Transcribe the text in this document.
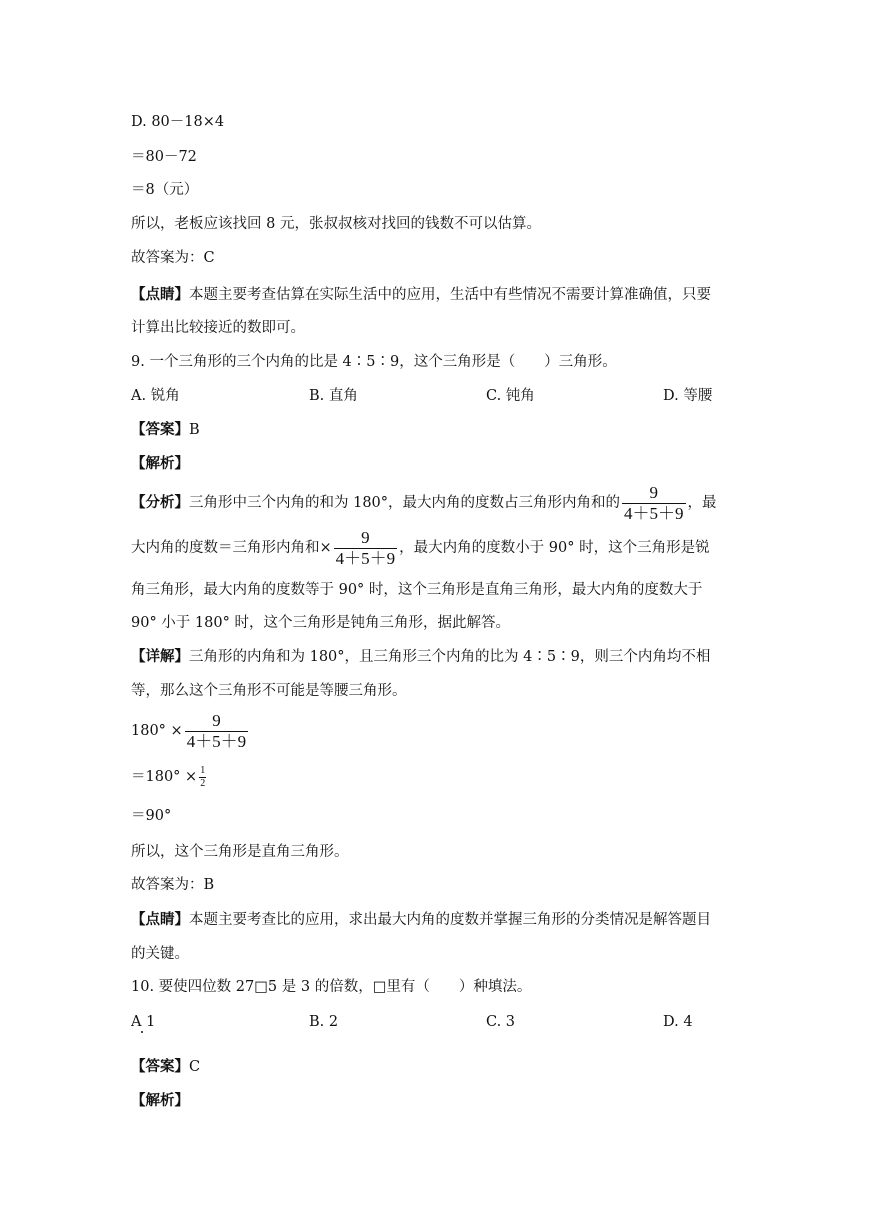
D. 80－18×4
＝80－72
＝8（元）
所以，老板应该找回 8 元，张叔叔核对找回的钱数不可以估算。
故答案为：C
【点睛】本题主要考查估算在实际生活中的应用，生活中有些情况不需要计算准确值，只要
计算出比较接近的数即可。
9. 一个三角形的三个内角的比是 4∶5∶9，这个三角形是（　　）三角形。
A. 锐角	B. 直角	C. 钝角	D. 等腰
【答案】B
【解析】
【分析】三角形中三个内角的和为 180°，最大内角的度数占三角形内角和的 $\frac{9}{4+5+9}$ ，最
大内角的度数＝三角形内角和× $\frac{9}{4+5+9}$ ，最大内角的度数小于 90° 时，这个三角形是锐
角三角形，最大内角的度数等于 90° 时，这个三角形是直角三角形，最大内角的度数大于
90° 小于 180° 时，这个三角形是钝角三角形，据此解答。
【详解】三角形的内角和为 180°，且三角形三个内角的比为 4∶5∶9，则三个内角均不相
等，那么这个三角形不可能是等腰三角形。
$180^\circ \times \frac{9}{4+5+9}$
$=180^\circ \times \frac{1}{2}$
＝90°
所以，这个三角形是直角三角形。
故答案为：B
【点睛】本题主要考查比的应用，求出最大内角的度数并掌握三角形的分类情况是解答题目
的关键。
10. 要使四位数 27□5 是 3 的倍数，□里有（　　）种填法。
A 1	B. 2	C. 3	D. 4
【答案】C
【解析】
